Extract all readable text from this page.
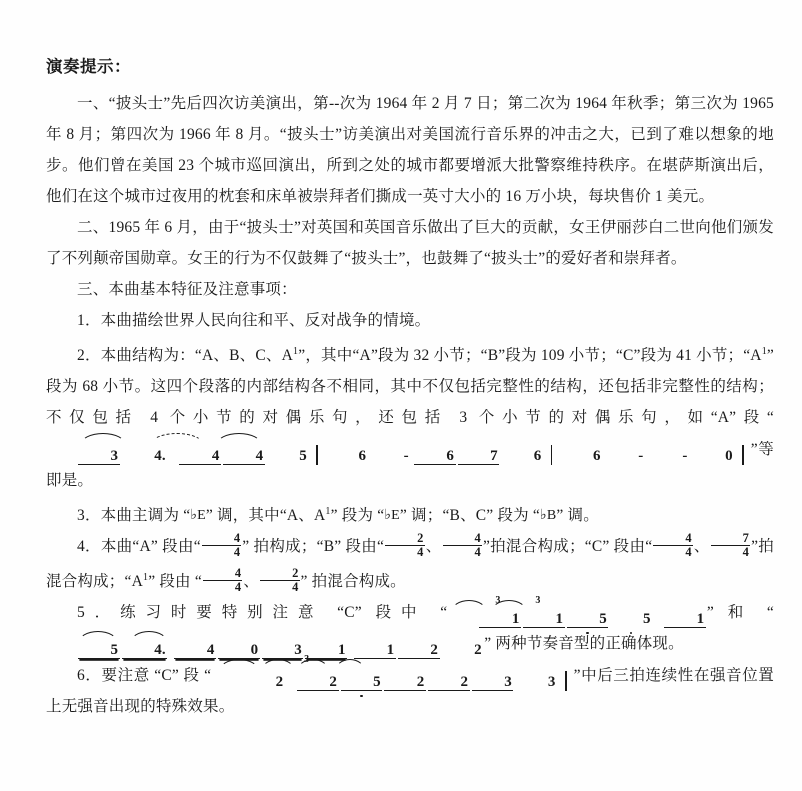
演奏提示：

一、“披头士”先后四次访美演出，第--次为 1964 年 2 月 7 日；第二次为 1964 年秋季；第三次为 1965 年 8 月；第四次为 1966 年 8 月。“披头士”访美演出对美国流行音乐界的冲击之大，已到了难以想象的地步。他们曾在美国 23 个城市巡回演出，所到之处的城市都要增派大批警察维持秩序。在堪萨斯演出后，他们在这个城市过夜用的枕套和床单被崇拜者们撕成一英寸大小的 16 万小块，每块售价 1 美元。

二、1965 年 6 月，由于“披头士”对英国和英国音乐做出了巨大的贡献，女王伊丽莎白二世向他们颁发了不列颠帝国勋章。女王的行为不仅鼓舞了“披头士”，也鼓舞了“披头士”的爱好者和崇拜者。

三、本曲基本特征及注意事项：

1．本曲描绘世界人民向往和平、反对战争的情境。

2．本曲结构为：“A、B、C、$A^1$”，其中“A”段为 32 小节；“B”段为 109 小节；“C”段为 41 小节；“$A^1$”段为 68 小节。这四个段落的内部结构各不相同，其中不仅包括完整性的结构，还包括非完整性的结构；不仅包括 4 个小节的对偶乐句，还包括 3 个小节的对偶乐句，如“A”段“
3 4.	4 4 5	6	-	6 7 6	6	-	-	0 ”等即是。

3．本曲主调为 “♭E” 调，其中“A、$A^1$” 段为 “♭E” 调；“B、C” 段为 “♭B” 调。

4．本曲“A” 段由“ $\frac{4}{4}$ ” 拍构成；“B” 段由“ $\frac{2}{4}$ 、 $\frac{4}{4}$ ”拍混合构成；“C” 段由“ $\frac{4}{4}$ 、 $\frac{7}{4}$ ”拍混合构成；“$A^1$” 段由 “ $\frac{4}{4}$ 、 $\frac{2}{4}$ ” 拍混合构成。

5．练习时要特别注意 “C” 段中 “
3	3
1 1 5 5	1 ” 和 “
5 4.	4 0 3 1	1 2 2 ” 两种节奏音型的正确体现。

6．要注意 “C” 段 “
3
2	2 5 2 2 3 3 ”中后三拍连续性在强音位置上无强音出现的特殊效果。
